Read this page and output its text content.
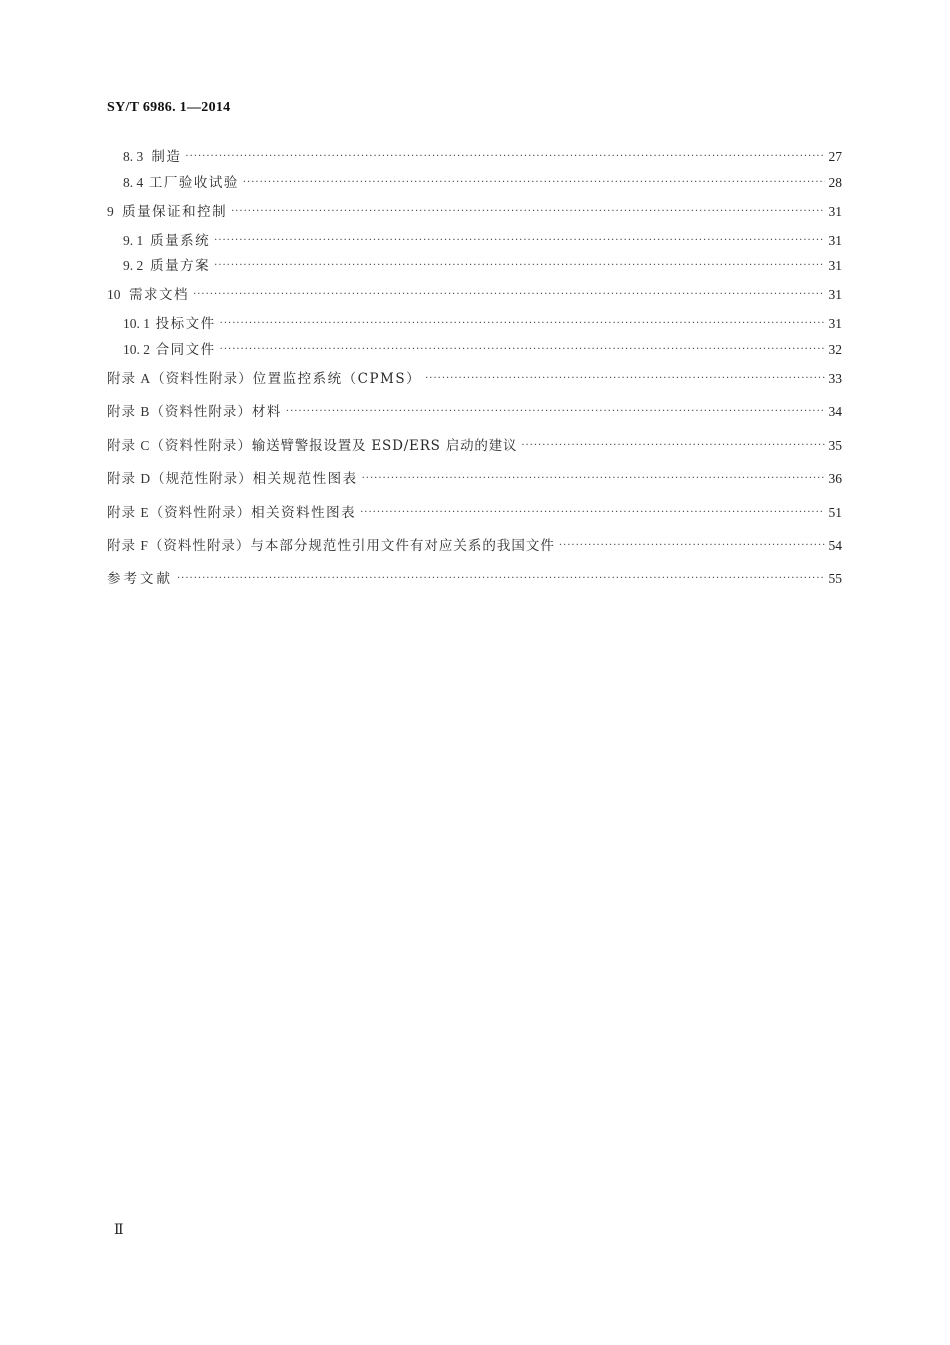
SY/T 6986. 1—2014
8. 3 制造 ·····	27
8. 4 工厂验收试验 ·····	28
9 质量保证和控制 ·····	31
9. 1 质量系统 ·····	31
9. 2 质量方案 ·····	31
10 需求文档 ·····	31
10. 1 投标文件 ·····	31
10. 2 合同文件 ·····	32
附录 A（资料性附录） 位置监控系统（CPMS） ·····	33
附录 B（资料性附录） 材料 ·····	34
附录 C（资料性附录） 输送臂警报设置及 ESD/ERS 启动的建议 ·····	35
附录 D（规范性附录） 相关规范性图表 ·····	36
附录 E（资料性附录） 相关资料性图表 ·····	51
附录 F（资料性附录） 与本部分规范性引用文件有对应关系的我国文件 ·····	54
参考文献 ·····	55
Ⅱ
